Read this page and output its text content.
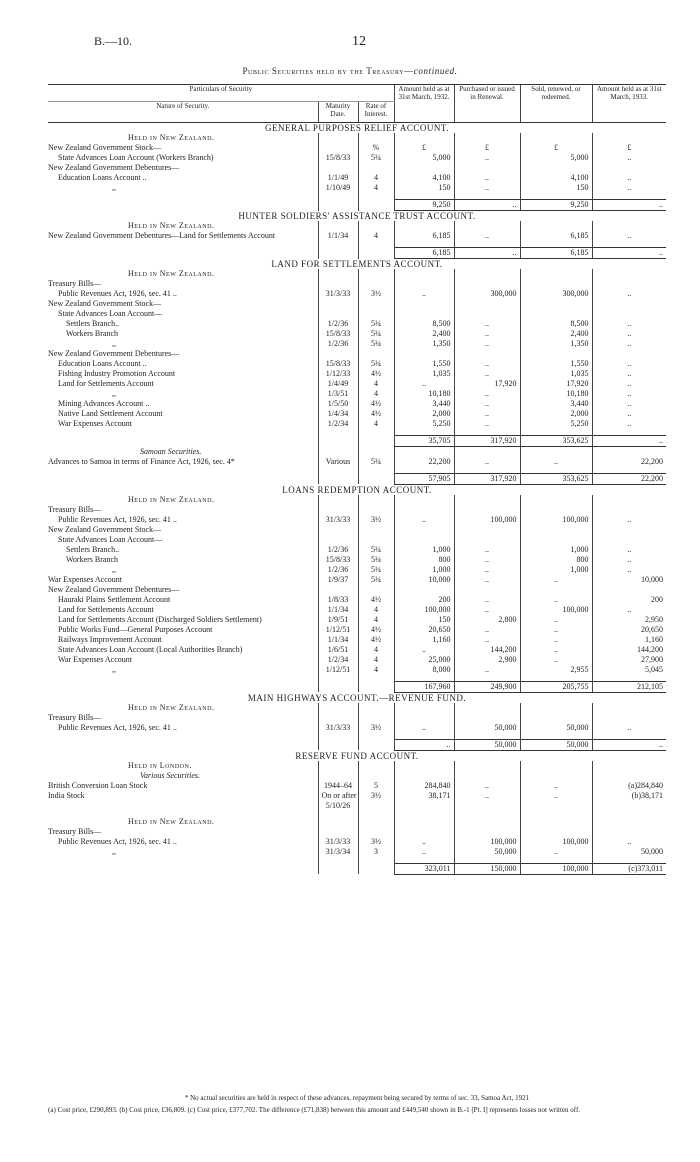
B.—10.	12
Public Securities held by the Treasury—continued.
Particulars of Security			Amount held as at 31st March, 1932.	Purchased or issued in Renewal.	Sold, renewed, or redeemed.	Amount held as at 31st March, 1933.
Nature of Security.	Maturity Date.	Rate of Interest.				
GENERAL PURPOSES RELIEF ACCOUNT.						
Held in New Zealand.						
New Zealand Government Stock—		%	£	£	£	£
State Advances Loan Account (Workers Branch)	15/8/33	5¼	5,000	..	5,000	..
New Zealand Government Debentures—						
Education Loans Account ..	1/1/49	4	4,100	..	4,100	..
,,	1/10/49	4	150	..	150	..

			9,250	..	9,250	..
HUNTER SOLDIERS' ASSISTANCE TRUST ACCOUNT.						
Held in New Zealand.						
New Zealand Government Debentures—Land for Settlements Account	1/1/34	4	6,185	..	6,185	..

			6,185	..	6,185	..
LAND FOR SETTLEMENTS ACCOUNT.						
Held in New Zealand.						
Treasury Bills—						
Public Revenues Act, 1926, sec. 41 ..	31/3/33	3½	..	300,000	300,000	..
New Zealand Government Stock—						
State Advances Loan Account—						
Settlers Branch..	1/2/36	5¼	8,500	..	8,500	..
Workers Branch	15/8/33	5¼	2,400	..	2,400	..
,,	1/2/36	5¼	1,350	..	1,350	..
New Zealand Government Debentures—						
Education Loans Account ..	15/8/33	5¼	1,550	..	1,550	..
Fishing Industry Promotion Account	1/12/33	4½	1,035	..	1,035	..
Land for Settlements Account	1/4/49	4	..	17,920	17,920	..
,,	1/3/51	4	10,180	..	10,180	..
Mining Advances Account ..	1/5/50	4½	3,440	..	3,440	..
Native Land Settlement Account	1/4/34	4½	2,000	..	2,000	..
War Expenses Account	1/2/34	4	5,250	..	5,250	..

			35,705	317,920	353,625	..
Samoan Securities.						
Advances to Samoa in terms of Finance Act, 1926, sec. 4*	Various	5¼	22,200	..	..	22,200

			57,905	317,920	353,625	22,200
LOANS REDEMPTION ACCOUNT.						
Held in New Zealand.						
Treasury Bills—						
Public Revenues Act, 1926, sec. 41 ..	31/3/33	3½	..	100,000	100,000	..
New Zealand Government Stock—						
State Advances Loan Account—						
Settlers Branch..	1/2/36	5¼	1,000	..	1,000	..
Workers Branch	15/8/33	5¼	800	..	800	..
,,	1/2/36	5¼	1,000	..	1,000	..
War Expenses Account	1/9/37	5¼	10,000	..	..	10,000
New Zealand Government Debentures—						
Hauraki Plains Settlement Account	1/8/33	4½	200	..	..	200
Land for Settlements Account	1/1/34	4	100,000	..	100,000	..
Land for Settlements Account (Discharged Soldiers Settlement)	1/9/51	4	150	2,800	..	2,950
Public Works Fund—General Purposes Account	1/12/51	4½	20,650	..	..	20,650
Railways Improvement Account	1/1/34	4½	1,160	..	..	1,160
State Advances Loan Account (Local Authorities Branch)	1/6/51	4	..	144,200	..	144,200
War Expenses Account	1/2/34	4	25,000	2,900	..	27,900
,,	1/12/51	4	8,000	..	2,955	5,045

			167,960	249,900	205,755	212,105
MAIN HIGHWAYS ACCOUNT.—REVENUE FUND.						
Held in New Zealand.						
Treasury Bills—						
Public Revenues Act, 1926, sec. 41 ..	31/3/33	3½	..	50,000	50,000	..

			..	50,000	50,000	..
RESERVE FUND ACCOUNT.						
Held in London.						
Various Securities.						
British Conversion Loan Stock	1944–64	5	284,840	..	..	(a)284,840
India Stock	On or after	3½	38,171	..	..	(b)38,171
	5/10/26					

Held in New Zealand.						
Treasury Bills—						
Public Revenues Act, 1926, sec. 41 ..	31/3/33	3½	..	100,000	100,000	..
,,	31/3/34	3	..	50,000	..	50,000

			323,011	150,000	100,000	(c)373,011
* No actual securities are held in respect of these advances, repayment being secured by terms of sec. 33, Samoa Act, 1921
(a) Cost price, £290,893. (b) Cost price, £36,809. (c) Cost price, £377,702. The difference (£71,838) between this amount and £449,540 shown in B.-1 [Pt. I] represents losses not written off.
